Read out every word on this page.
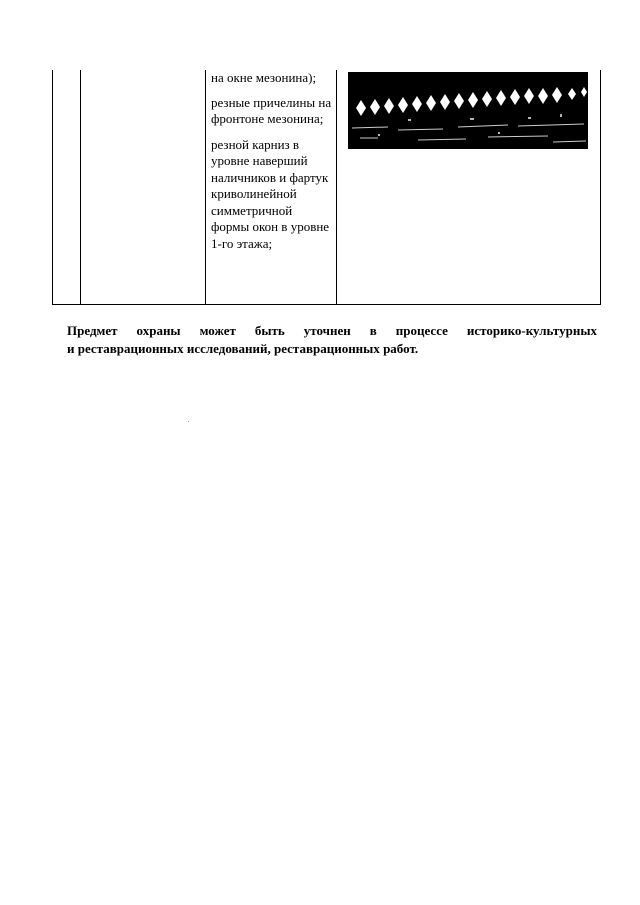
на окне мезонина);

резные причелины на фронтоне мезонина;

резной карниз в уровне наверший наличников и фартук криволинейной симметричной формы окон в уровне 1-го этажа;

Предмет охраны может быть уточнен в процессе историко-культурных
и реставрационных исследований, реставрационных работ.
